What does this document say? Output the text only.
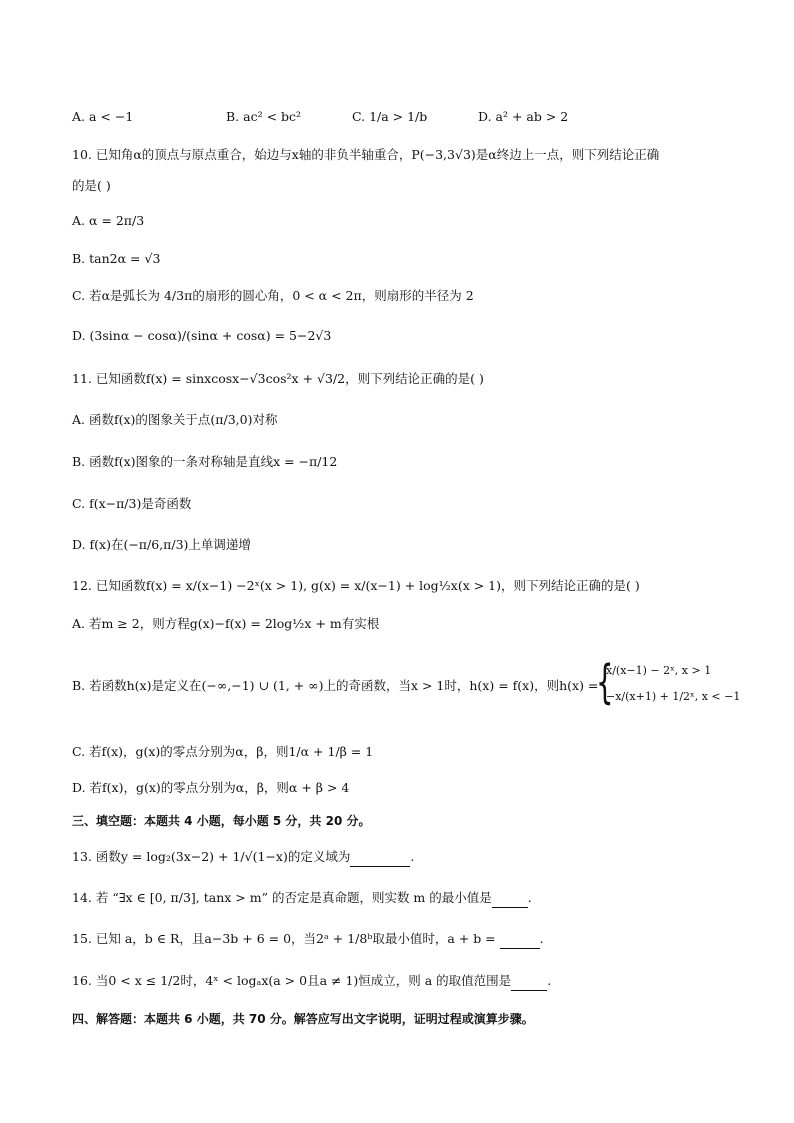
A. a < −1	B. ac² < bc²	C. 1/a > 1/b	D. a² + ab > 2
10. 已知角α的顶点与原点重合，始边与x轴的非负半轴重合，P(−3,3√3)是α终边上一点，则下列结论正确
的是( )
A. α = 2π/3
B. tan2α = √3
C. 若α是弧长为 4/3π的扇形的圆心角，0 < α < 2π，则扇形的半径为 2
D. (3sinα − cosα)/(sinα + cosα) = 5−2√3
11. 已知函数f(x) = sinxcosx−√3cos²x + √3/2，则下列结论正确的是( )
A. 函数f(x)的图象关于点(π/3,0)对称
B. 函数f(x)图象的一条对称轴是直线x = −π/12
C. f(x−π/3)是奇函数
D. f(x)在(−π/6,π/3)上单调递增
12. 已知函数f(x) = x/(x−1) −2ˣ(x > 1), g(x) = x/(x−1) + log½x(x > 1)，则下列结论正确的是( )
A. 若m ≥ 2，则方程g(x)−f(x) = 2log½x + m有实根
B. 若函数h(x)是定义在(−∞,−1) ∪ (1, + ∞)上的奇函数，当x > 1时，h(x) = f(x)，则h(x) =
{
x/(x−1) − 2ˣ, x > 1
−x/(x+1) + 1/2ˣ, x < −1
C. 若f(x)，g(x)的零点分别为α，β，则1/α + 1/β = 1
D. 若f(x)，g(x)的零点分别为α，β，则α + β > 4
三、填空题：本题共 4 小题，每小题 5 分，共 20 分。
13. 函数y = log₂(3x−2) + 1/√(1−x)的定义域为	.
14. 若 “∃x ∈ [0, π/3], tanx > m” 的否定是真命题，则实数 m 的最小值是	.
15. 已知 a，b ∈ R，且a−3b + 6 = 0，当2ᵃ + 1/8ᵇ取最小值时，a + b =	.
16. 当0 < x ≤ 1/2时，4ˣ < logₐx(a > 0且a ≠ 1)恒成立，则 a 的取值范围是	.
四、解答题：本题共 6 小题，共 70 分。解答应写出文字说明，证明过程或演算步骤。
